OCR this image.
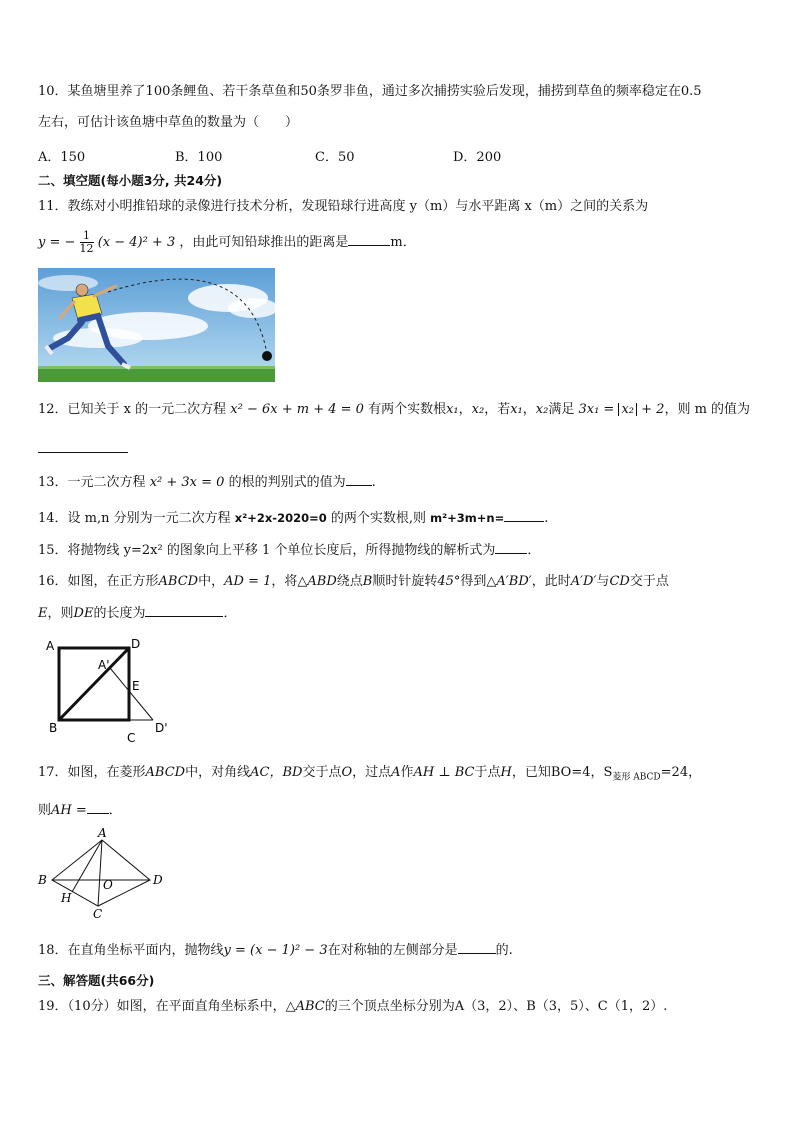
10．某鱼塘里养了100条鲤鱼、若干条草鱼和50条罗非鱼，通过多次捕捞实验后发现，捕捞到草鱼的频率稳定在0.5
左右，可估计该鱼塘中草鱼的数量为（　　）
A．150	B．100	C．50	D．200
二、填空题(每小题3分, 共24分)
11．教练对小明推铅球的录像进行技术分析，发现铅球行进高度 y（m）与水平距离 x（m）之间的关系为
y = − $\frac{1}{12} (x - 4)^2 + 3$ ，由此可知铅球推出的距离是	m．
12．已知关于 x 的一元二次方程 x² − 6x + m + 4 = 0 有两个实数根x₁，x₂，若x₁，x₂满足 3x₁ = x₂ + 2，则 m 的值为
13．一元二次方程 x² + 3x = 0 的根的判别式的值为 .
14．设 m,n 分别为一元二次方程 x²+2x-2020=0 的两个实数根,则 m²+3m+n=	.
15．将抛物线 y=2x² 的图象向上平移 1 个单位长度后，所得抛物线的解析式为 ．
16．如图，在正方形ABCD中，AD = 1，将△ABD绕点B顺时针旋转45°得到△A′BD′，此时A′D′与CD交于点
E，则DE的长度为	．
A	D
A'
E
B
C
D'
17．如图，在菱形ABCD中，对角线AC，BD交于点O，过点A作AH ⊥ BC于点H，已知BO=4，$S_{菱形 ABCD}=24$，
则AH = ．
A
B	O	D
H
C
18．在直角坐标平面内，抛物线y = (x − 1)² − 3在对称轴的左侧部分是	的.
三、解答题(共66分)
19．（10分）如图，在平面直角坐标系中，△ABC的三个顶点坐标分别为A（3，2）、B（3，5）、C（1，2）.
